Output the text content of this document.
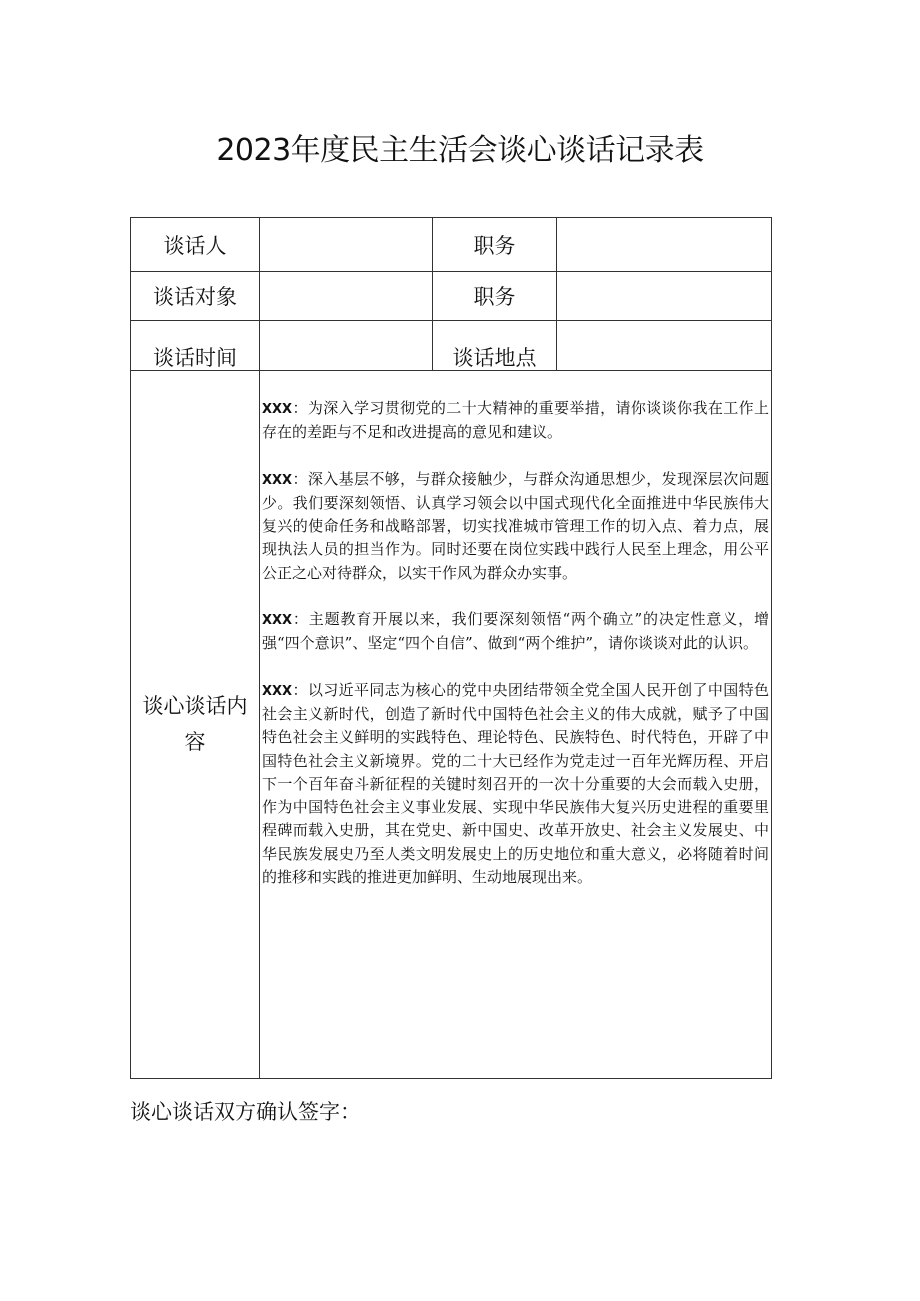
2023年度民主生活会谈心谈话记录表
谈话人		职务	
谈话对象		职务	
谈话时间		谈话地点	
谈心谈话内容	XXX：为深入学习贯彻党的二十大精神的重要举措，请你谈谈你我在工作上存在的差距与不足和改进提高的意见和建议。

XXX：深入基层不够，与群众接触少，与群众沟通思想少，发现深层次问题少。我们要深刻领悟、认真学习领会以中国式现代化全面推进中华民族伟大复兴的使命任务和战略部署，切实找准城市管理工作的切入点、着力点，展现执法人员的担当作为。同时还要在岗位实践中践行人民至上理念，用公平公正之心对待群众，以实干作风为群众办实事。

XXX：主题教育开展以来，我们要深刻领悟“两个确立”的决定性意义，增强“四个意识”、坚定“四个自信”、做到“两个维护”，请你谈谈对此的认识。

XXX：以习近平同志为核心的党中央团结带领全党全国人民开创了中国特色社会主义新时代，创造了新时代中国特色社会主义的伟大成就，赋予了中国特色社会主义鲜明的实践特色、理论特色、民族特色、时代特色，开辟了中国特色社会主义新境界。党的二十大已经作为党走过一百年光辉历程、开启下一个百年奋斗新征程的关键时刻召开的一次十分重要的大会而载入史册，作为中国特色社会主义事业发展、实现中华民族伟大复兴历史进程的重要里程碑而载入史册，其在党史、新中国史、改革开放史、社会主义发展史、中华民族发展史乃至人类文明发展史上的历史地位和重大意义，必将随着时间的推移和实践的推进更加鲜明、生动地展现出来。		

谈心谈话双方确认签字：
